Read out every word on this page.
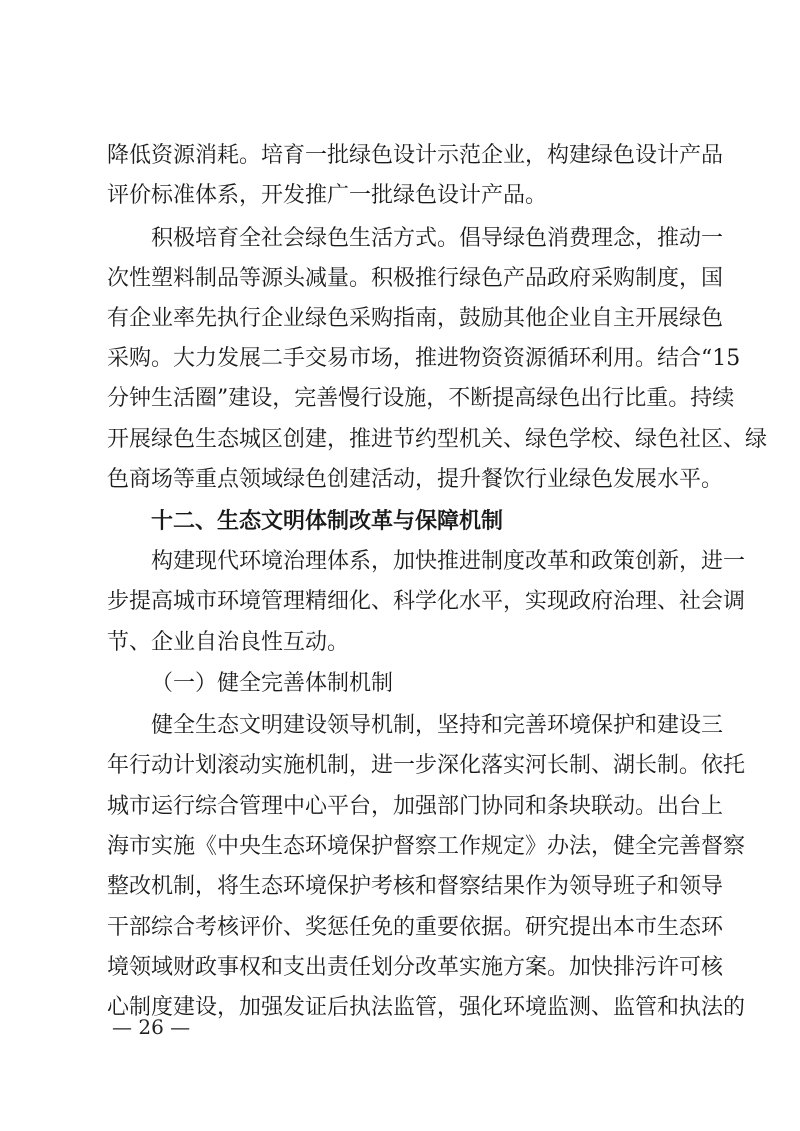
降低资源消耗。培育一批绿色设计示范企业，构建绿色设计产品
评价标准体系，开发推广一批绿色设计产品。
积极培育全社会绿色生活方式。倡导绿色消费理念，推动一
次性塑料制品等源头减量。积极推行绿色产品政府采购制度，国
有企业率先执行企业绿色采购指南，鼓励其他企业自主开展绿色
采购。大力发展二手交易市场，推进物资资源循环利用。结合“15
分钟生活圈”建设，完善慢行设施，不断提高绿色出行比重。持续
开展绿色生态城区创建，推进节约型机关、绿色学校、绿色社区、绿
色商场等重点领域绿色创建活动，提升餐饮行业绿色发展水平。
十二、生态文明体制改革与保障机制
构建现代环境治理体系，加快推进制度改革和政策创新，进一
步提高城市环境管理精细化、科学化水平，实现政府治理、社会调
节、企业自治良性互动。
（一）健全完善体制机制
健全生态文明建设领导机制，坚持和完善环境保护和建设三
年行动计划滚动实施机制，进一步深化落实河长制、湖长制。依托
城市运行综合管理中心平台，加强部门协同和条块联动。出台上
海市实施《中央生态环境保护督察工作规定》办法，健全完善督察
整改机制，将生态环境保护考核和督察结果作为领导班子和领导
干部综合考核评价、奖惩任免的重要依据。研究提出本市生态环
境领域财政事权和支出责任划分改革实施方案。加快排污许可核
心制度建设，加强发证后执法监管，强化环境监测、监管和执法的
— 26 —
